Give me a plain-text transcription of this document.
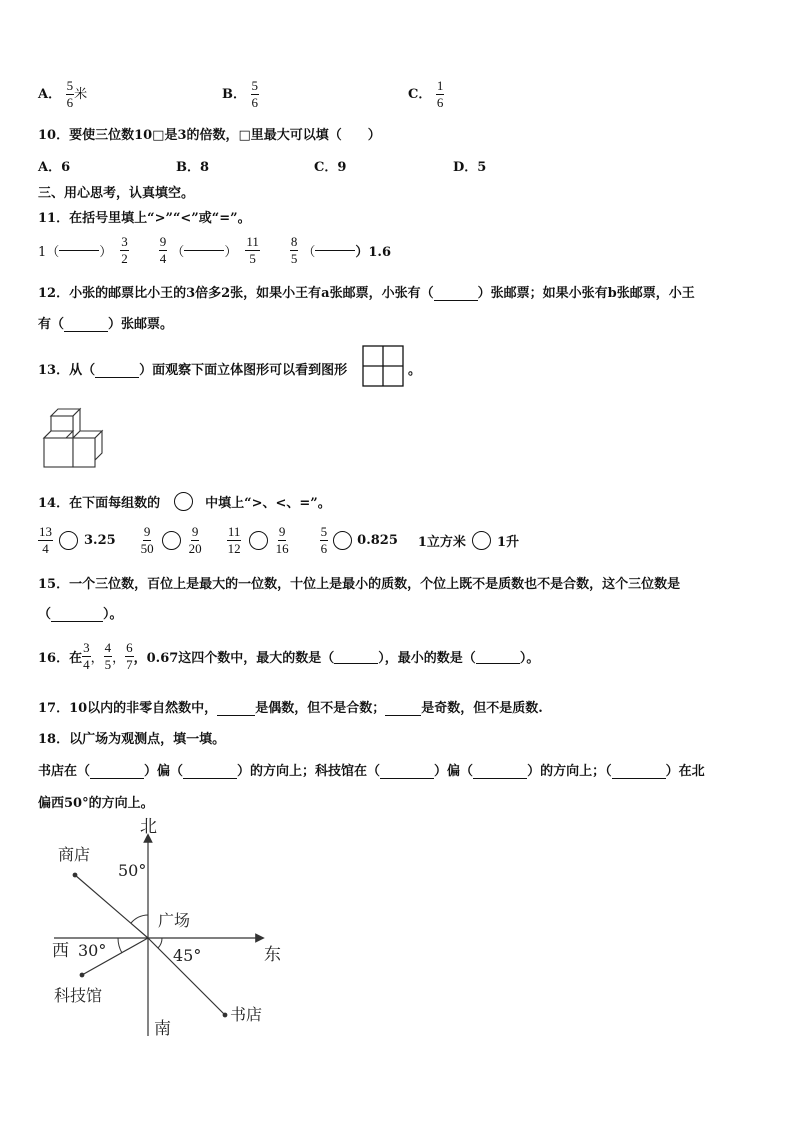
A． $\frac{5}{6}$ 米	B． $\frac{5}{6}$	C． $\frac{1}{6}$
10．要使三位数10□是3的倍数，□里最大可以填（　　）
A．6	B．8	C．9	D．5
三、用心思考，认真填空。
11．在括号里填上“>”“<”或“=”。
1（	）
3
2
9
4 （	）
11
5
8
5 （	）1.6
12．小张的邮票比小王的3倍多2张，如果小王有a张邮票，小张有（	）张邮票；如果小张有b张邮票，小王
有（	）张邮票。
13．从（	）面观察下面立体图形可以看到图形	。
14．在下面每组数的	中填上“>、<、=”。
13
4
3.25
9
50
9
20
11
12
9
16
5
6
0.825 1立方米 1升
15．一个三位数，百位上是最大的一位数，十位上是最小的质数，个位上既不是质数也不是合数，这个三位数是
（	）。
16．在
3
4 ，
4
5 ，
6
7 ，0.67这四个数中，最大的数是（	），最小的数是（	）。
17．10以内的非零自然数中，	是偶数，但不是合数；	是奇数，但不是质数.
18．以广场为观测点，填一填。
书店在（	）偏（	）的方向上；科技馆在（	）偏（	）的方向上；（	）在北
偏西50°的方向上。
北
南
西	东
广场
商店
科技馆
书店
50°
30°	45°
